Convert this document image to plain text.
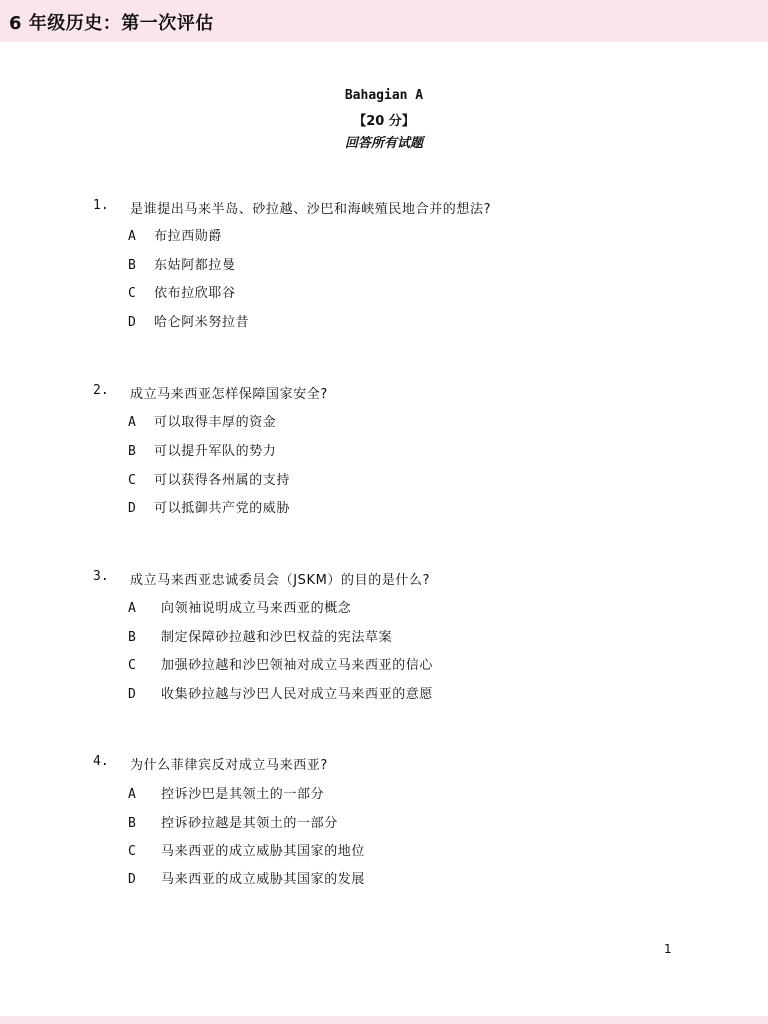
6 年级历史：第一次评估
Bahagian A
【20 分】
回答所有试题
1. 是谁提出马来半岛、砂拉越、沙巴和海峡殖民地合并的想法?
A 布拉西勋爵
B 东姑阿都拉曼
C 依布拉欣耶谷
D 哈仑阿米努拉昔
2. 成立马来西亚怎样保障国家安全?
A 可以取得丰厚的资金
B 可以提升军队的势力
C 可以获得各州属的支持
D 可以抵御共产党的威胁
3. 成立马来西亚忠诚委员会（JSKM）的目的是什么?
A 向领袖说明成立马来西亚的概念
B 制定保障砂拉越和沙巴权益的宪法草案
C 加强砂拉越和沙巴领袖对成立马来西亚的信心
D 收集砂拉越与沙巴人民对成立马来西亚的意愿
4. 为什么菲律宾反对成立马来西亚?
A 控诉沙巴是其领土的一部分
B 控诉砂拉越是其领土的一部分
C 马来西亚的成立威胁其国家的地位
D 马来西亚的成立威胁其国家的发展
1
